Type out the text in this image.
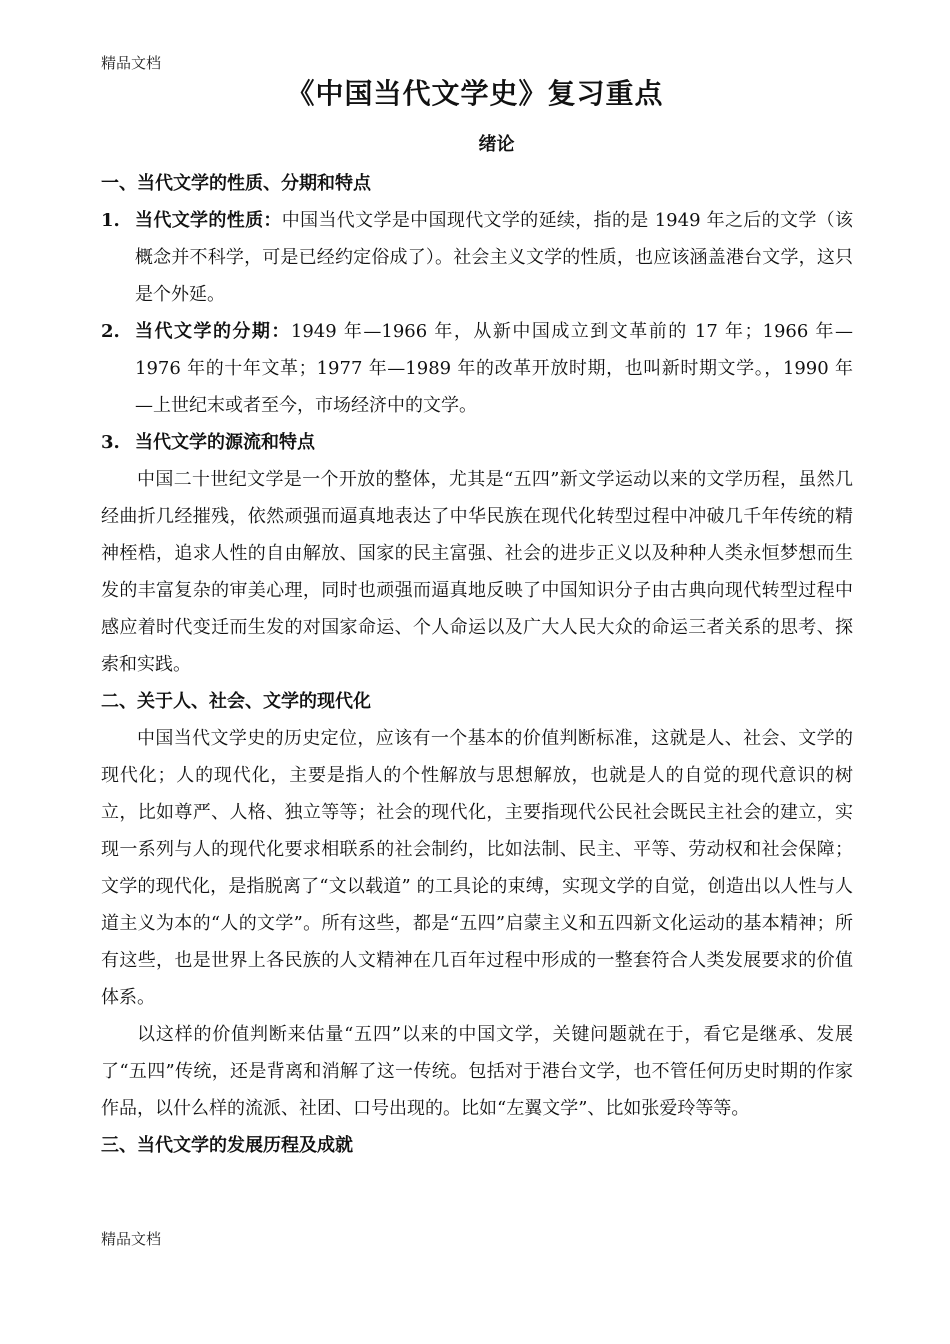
精品文档
《中国当代文学史》复习重点
绪论

一、当代文学的性质、分期和特点

1. 当代文学的性质：中国当代文学是中国现代文学的延续，指的是 1949 年之后的文学（该概念并不科学，可是已经约定俗成了）。社会主义文学的性质，也应该涵盖港台文学，这只是个外延。
2. 当代文学的分期：1949 年—1966 年，从新中国成立到文革前的 17 年；1966 年—1976 年的十年文革；1977 年—1989 年的改革开放时期，也叫新时期文学。，1990 年—上世纪末或者至今，市场经济中的文学。
3. 当代文学的源流和特点

中国二十世纪文学是一个开放的整体，尤其是“五四”新文学运动以来的文学历程，虽然几经曲折几经摧残，依然顽强而逼真地表达了中华民族在现代化转型过程中冲破几千年传统的精神桎梏，追求人性的自由解放、国家的民主富强、社会的进步正义以及种种人类永恒梦想而生发的丰富复杂的审美心理，同时也顽强而逼真地反映了中国知识分子由古典向现代转型过程中感应着时代变迁而生发的对国家命运、个人命运以及广大人民大众的命运三者关系的思考、探索和实践。

二、关于人、社会、文学的现代化

中国当代文学史的历史定位，应该有一个基本的价值判断标准，这就是人、社会、文学的现代化；人的现代化，主要是指人的个性解放与思想解放，也就是人的自觉的现代意识的树立，比如尊严、人格、独立等等；社会的现代化，主要指现代公民社会既民主社会的建立，实现一系列与人的现代化要求相联系的社会制约，比如法制、民主、平等、劳动权和社会保障；文学的现代化，是指脱离了“文以载道” 的工具论的束缚，实现文学的自觉，创造出以人性与人道主义为本的“人的文学”。所有这些，都是“五四”启蒙主义和五四新文化运动的基本精神；所有这些，也是世界上各民族的人文精神在几百年过程中形成的一整套符合人类发展要求的价值体系。

以这样的价值判断来估量“五四”以来的中国文学，关键问题就在于，看它是继承、发展了“五四”传统，还是背离和消解了这一传统。包括对于港台文学，也不管任何历史时期的作家作品，以什么样的流派、社团、口号出现的。比如“左翼文学”、比如张爱玲等等。

三、当代文学的发展历程及成就

精品文档
